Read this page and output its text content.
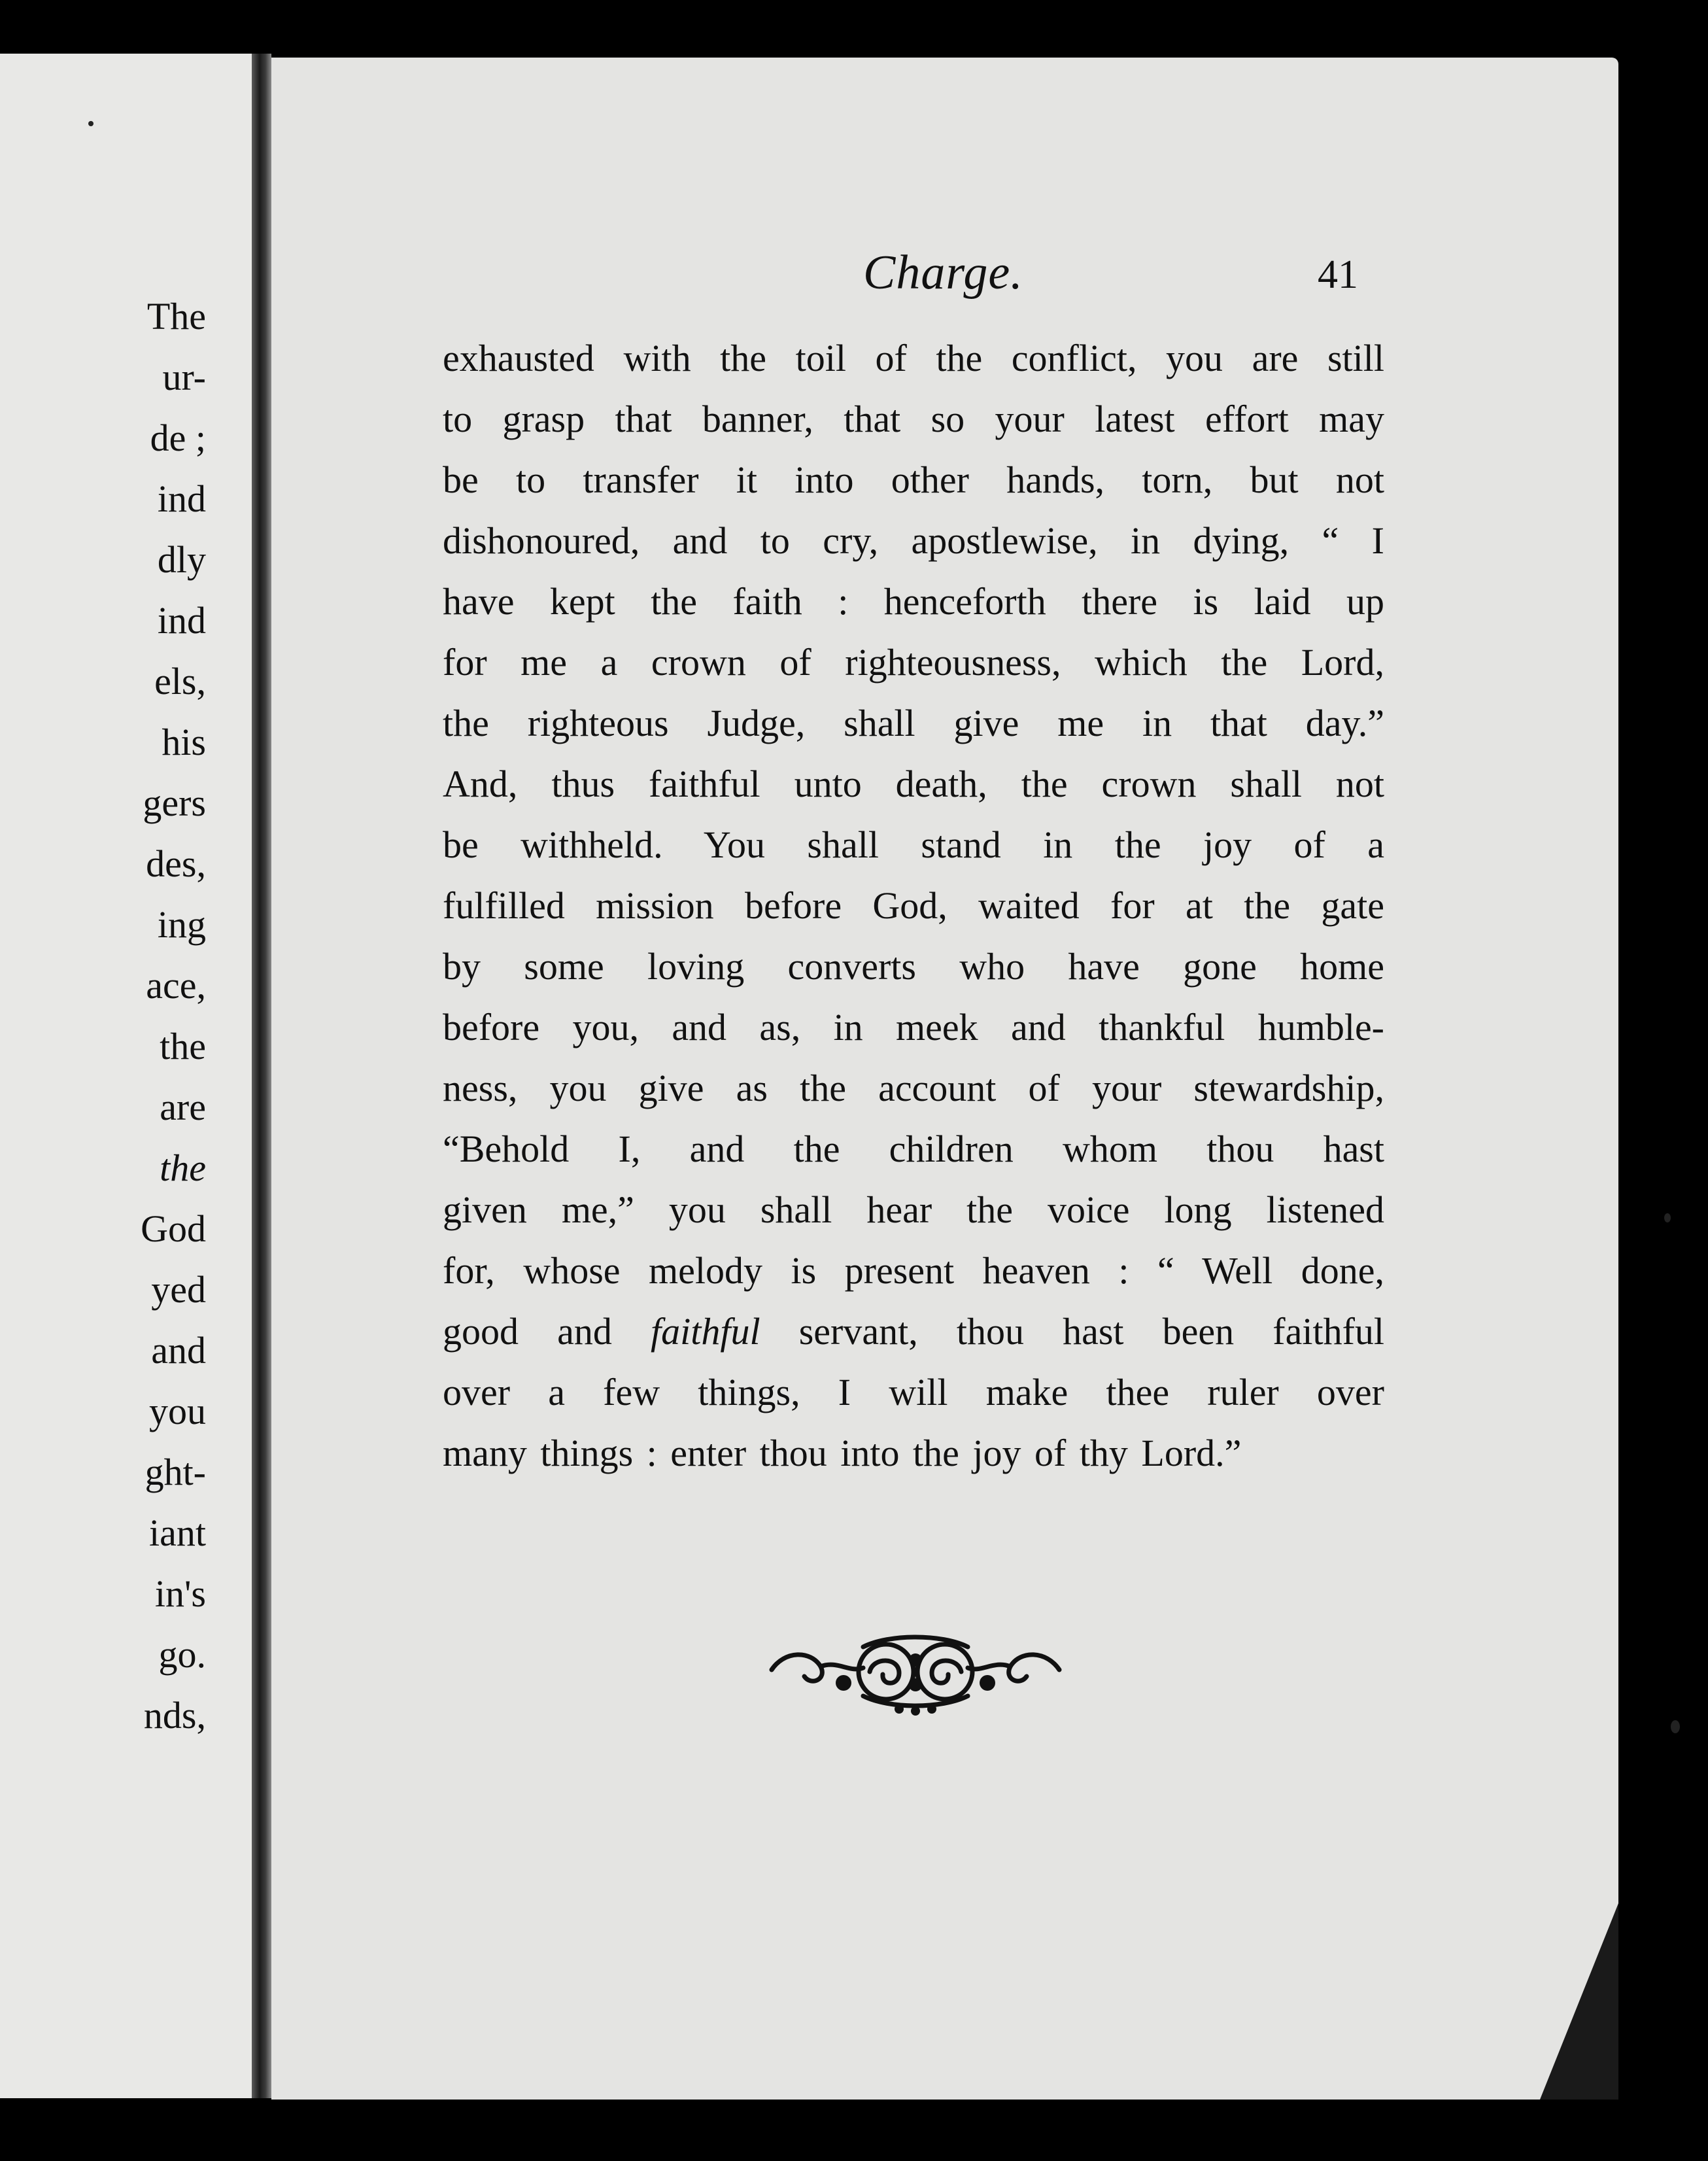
The
ur-
de ;
ind
dly
ind
els,
his
gers
des,
ing
ace,
the
are
the
God
yed
and
you
ght-
iant
in's
go.
nds,
Charge.	41
exhausted with the toil of the conflict, you are still
to grasp that banner, that so your latest effort may
be to transfer it into other hands, torn, but not
dishonoured, and to cry, apostlewise, in dying, “ I
have kept the faith : henceforth there is laid up
for me a crown of righteousness, which the Lord,
the righteous Judge, shall give me in that day.”
And, thus faithful unto death, the crown shall not
be withheld. You shall stand in the joy of a
fulfilled mission before God, waited for at the gate
by some loving converts who have gone home
before you, and as, in meek and thankful humble-
ness, you give as the account of your stewardship,
“Behold I, and the children whom thou hast
given me,” you shall hear the voice long listened
for, whose melody is present heaven : “ Well done,
good and faithful servant, thou hast been faithful
over a few things, I will make thee ruler over
many things : enter thou into the joy of thy Lord.”
